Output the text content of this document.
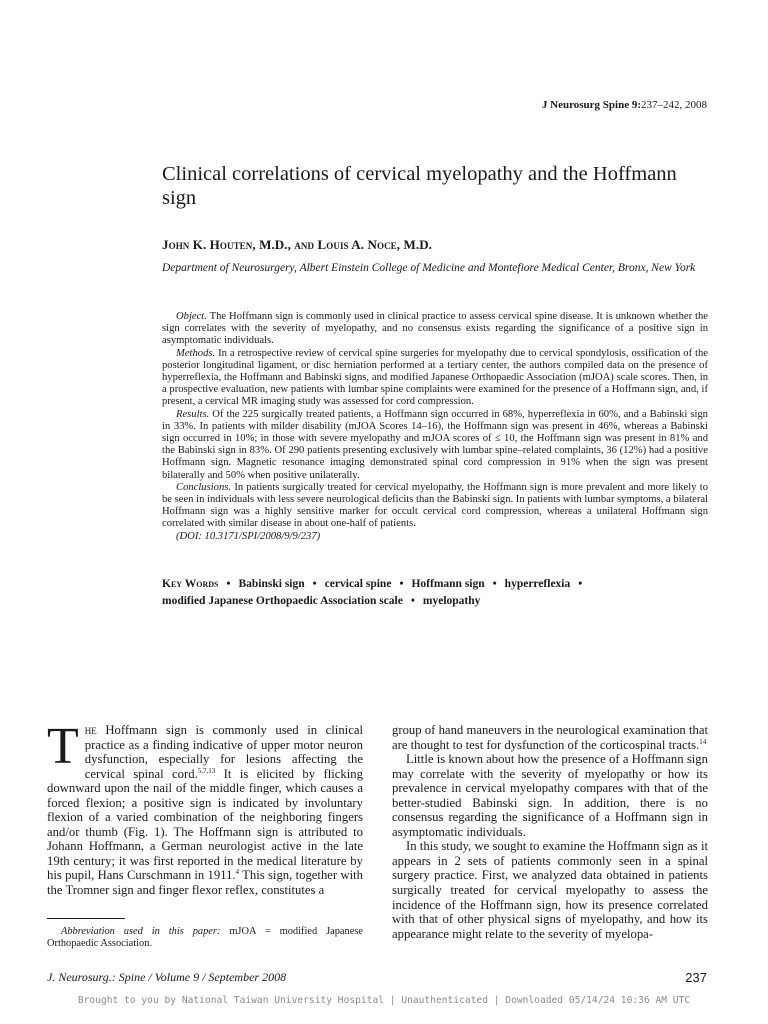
J Neurosurg Spine 9:237–242, 2008
Clinical correlations of cervical myelopathy and the Hoffmann sign
John K. Houten, M.D., and Louis A. Noce, M.D.
Department of Neurosurgery, Albert Einstein College of Medicine and Montefiore Medical Center, Bronx, New York

Object. The Hoffmann sign is commonly used in clinical practice to assess cervical spine disease. It is unknown whether the sign correlates with the severity of myelopathy, and no consensus exists regarding the significance of a positive sign in asymptomatic individuals.

Methods. In a retrospective review of cervical spine surgeries for myelopathy due to cervical spondylosis, ossification of the posterior longitudinal ligament, or disc herniation performed at a tertiary center, the authors compiled data on the presence of hyperreflexia, the Hoffmann and Babinski signs, and modified Japanese Orthopaedic Association (mJOA) scale scores. Then, in a prospective evaluation, new patients with lumbar spine complaints were examined for the presence of a Hoffmann sign, and, if present, a cervical MR imaging study was assessed for cord compression.

Results. Of the 225 surgically treated patients, a Hoffmann sign occurred in 68%, hyperreflexia in 60%, and a Babinski sign in 33%. In patients with milder disability (mJOA Scores 14–16), the Hoffmann sign was present in 46%, whereas a Babinski sign occurred in 10%; in those with severe myelopathy and mJOA scores of ≤ 10, the Hoffmann sign was present in 81% and the Babinski sign in 83%. Of 290 patients presenting exclusively with lumbar spine–related complaints, 36 (12%) had a positive Hoffmann sign. Magnetic resonance imaging demonstrated spinal cord compression in 91% when the sign was present bilaterally and 50% when positive unilaterally.

Conclusions. In patients surgically treated for cervical myelopathy, the Hoffmann sign is more prevalent and more likely to be seen in individuals with less severe neurological deficits than the Babinski sign. In patients with lumbar symptoms, a bilateral Hoffmann sign was a highly sensitive marker for occult cervical cord compression, whereas a unilateral Hoffmann sign correlated with similar disease in about one-half of patients.

(DOI: 10.3171/SPI/2008/9/9/237)

Key Words • Babinski sign • cervical spine • Hoffmann sign • hyperreflexia •
modified Japanese Orthopaedic Association scale • myelopathy

The Hoffmann sign is commonly used in clinical practice as a finding indicative of upper motor neuron dysfunction, especially for lesions affecting the cervical spinal cord.$^{5,7,13}$ It is elicited by flicking downward upon the nail of the middle finger, which causes a forced flexion; a positive sign is indicated by involuntary flexion of a varied combination of the neighboring fingers and/or thumb (Fig. 1). The Hoffmann sign is attributed to Johann Hoffmann, a German neurologist active in the late 19th century; it was first reported in the medical literature by his pupil, Hans Curschmann in 1911.$^4$ This sign, together with the Tromner sign and finger flexor reflex, constitutes a

Abbreviation used in this paper: mJOA = modified Japanese Orthopaedic Association.

group of hand maneuvers in the neurological examination that are thought to test for dysfunction of the corticospinal tracts.$^{14}$

Little is known about how the presence of a Hoffmann sign may correlate with the severity of myelopathy or how its prevalence in cervical myelopathy compares with that of the better-studied Babinski sign. In addition, there is no consensus regarding the significance of a Hoffmann sign in asymptomatic individuals.

In this study, we sought to examine the Hoffmann sign as it appears in 2 sets of patients commonly seen in a spinal surgery practice. First, we analyzed data obtained in patients surgically treated for cervical myelopathy to assess the incidence of the Hoffmann sign, how its presence correlated with that of other physical signs of myelopathy, and how its appearance might relate to the severity of myelopa-

J. Neurosurg.: Spine / Volume 9 / September 2008	237
Brought to you by National Taiwan University Hospital | Unauthenticated | Downloaded 05/14/24 10:36 AM UTC
